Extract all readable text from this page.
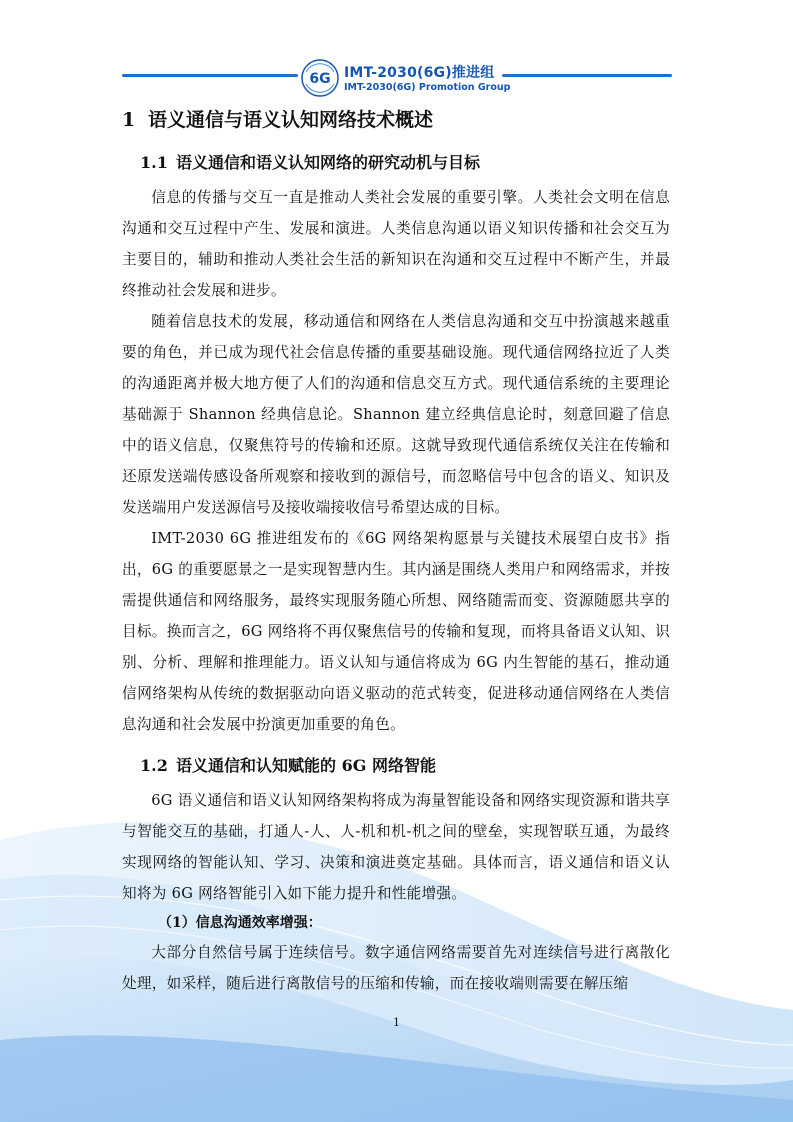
6G IMT-2030(6G)推进组
IMT-2030(6G) Promotion Group
1 语义通信与语义认知网络技术概述
1.1 语义通信和语义认知网络的研究动机与目标

信息的传播与交互一直是推动人类社会发展的重要引擎。人类社会文明在信息沟通和交互过程中产生、发展和演进。人类信息沟通以语义知识传播和社会交互为主要目的，辅助和推动人类社会生活的新知识在沟通和交互过程中不断产生，并最终推动社会发展和进步。

随着信息技术的发展，移动通信和网络在人类信息沟通和交互中扮演越来越重要的角色，并已成为现代社会信息传播的重要基础设施。现代通信网络拉近了人类的沟通距离并极大地方便了人们的沟通和信息交互方式。现代通信系统的主要理论基础源于 Shannon 经典信息论。Shannon 建立经典信息论时，刻意回避了信息中的语义信息，仅聚焦符号的传输和还原。这就导致现代通信系统仅关注在传输和还原发送端传感设备所观察和接收到的源信号，而忽略信号中包含的语义、知识及发送端用户发送源信号及接收端接收信号希望达成的目标。

IMT-2030 6G 推进组发布的《6G 网络架构愿景与关键技术展望白皮书》指出，6G 的重要愿景之一是实现智慧内生。其内涵是围绕人类用户和网络需求，并按需提供通信和网络服务，最终实现服务随心所想、网络随需而变、资源随愿共享的目标。换而言之，6G 网络将不再仅聚焦信号的传输和复现，而将具备语义认知、识别、分析、理解和推理能力。语义认知与通信将成为 6G 内生智能的基石，推动通信网络架构从传统的数据驱动向语义驱动的范式转变，促进移动通信网络在人类信息沟通和社会发展中扮演更加重要的角色。

1.2 语义通信和认知赋能的 6G 网络智能

6G 语义通信和语义认知网络架构将成为海量智能设备和网络实现资源和谐共享与智能交互的基础，打通人-人、人-机和机-机之间的壁垒，实现智联互通，为最终实现网络的智能认知、学习、决策和演进奠定基础。具体而言，语义通信和语义认知将为 6G 网络智能引入如下能力提升和性能增强。

（1）信息沟通效率增强：

大部分自然信号属于连续信号。数字通信网络需要首先对连续信号进行离散化处理，如采样，随后进行离散信号的压缩和传输，而在接收端则需要在解压缩

1
